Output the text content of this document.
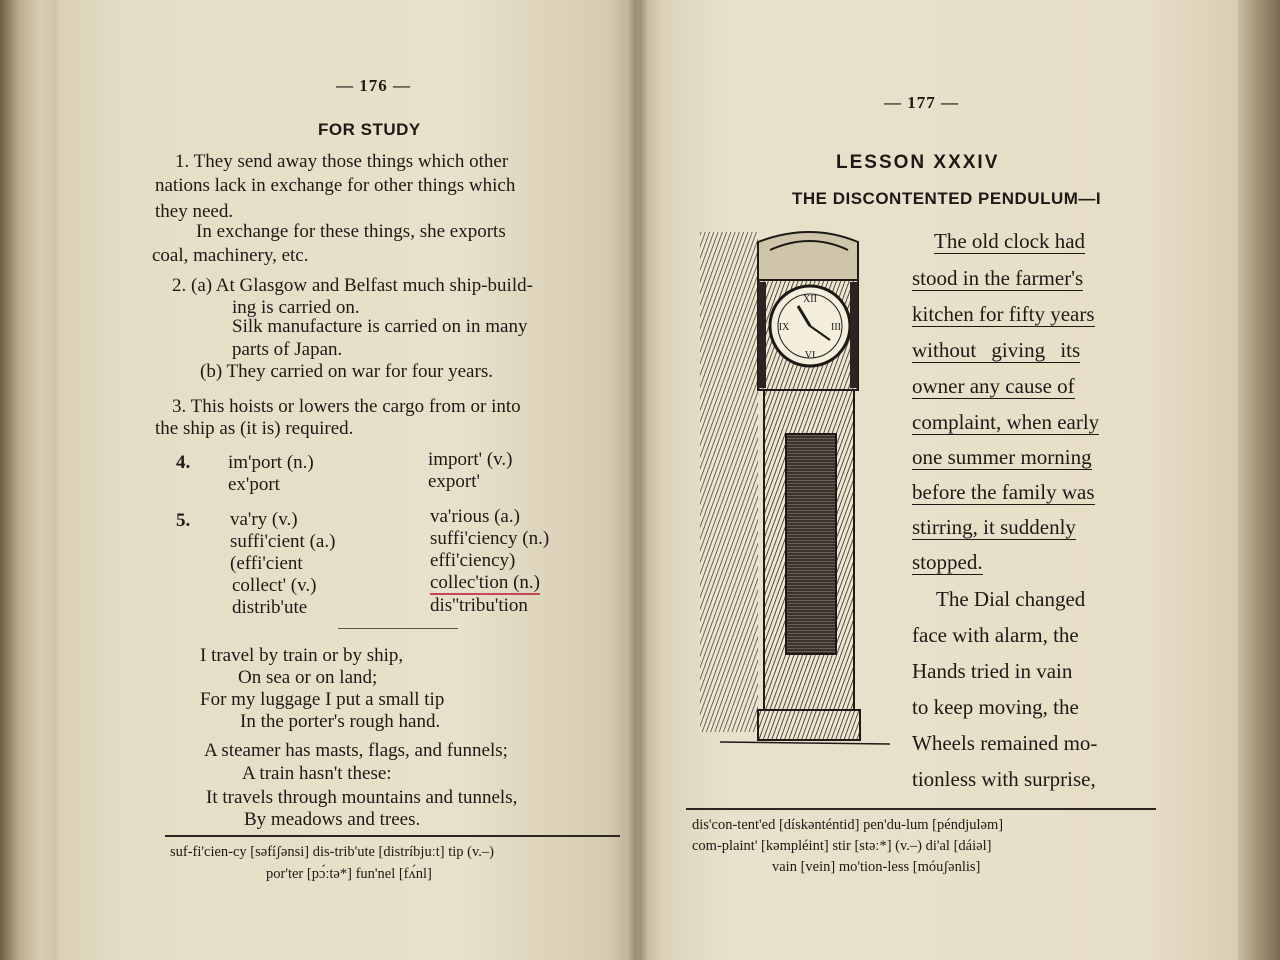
— 176 —
FOR STUDY
1. They send away those things which other
nations lack in exchange for other things which
they need.
In exchange for these things, she exports
coal, machinery, etc.
2. (a) At Glasgow and Belfast much ship-build-
ing is carried on.
Silk manufacture is carried on in many
parts of Japan.
(b) They carried on war for four years.
3. This hoists or lowers the cargo from or into
the ship as (it is) required.
4. im'port (n.)
ex'port
import' (v.)
export'
5. va'ry (v.)
suffi'cient (a.)
(effi'cient
collect' (v.)
distrib'ute
va'rious (a.)
suffi'ciency (n.)
effi'ciency)
collec'tion (n.)
dis''tribu'tion
I travel by train or by ship,
On sea or on land;
For my luggage I put a small tip
In the porter's rough hand.
A steamer has masts, flags, and funnels;
A train hasn't these:
It travels through mountains and tunnels,
By meadows and trees.
suf-fi'cien-cy [səfíʃənsi] dis-trib'ute [distríbjuːt] tip (v.–)
por'ter [pɔ́ːtə*] fun'nel [fʌ́nl]
— 177 —
LESSON XXXIV
THE DISCONTENTED PENDULUM—I
XII
VI
IX	III
The old clock had
stood in the farmer's
kitchen for fifty years
without giving its
owner any cause of
complaint, when early
one summer morning
before the family was
stirring, it suddenly
stopped.
The Dial changed
face with alarm, the
Hands tried in vain
to keep moving, the
Wheels remained mo-
tionless with surprise,
dis'con-tent'ed [dískənténtid] pen'du-lum [péndjuləm]
com-plaint' [kəmpléint] stir [stəː*] (v.–) di'al [dáiəl]
vain [vein] mo'tion-less [móuʃənlis]
